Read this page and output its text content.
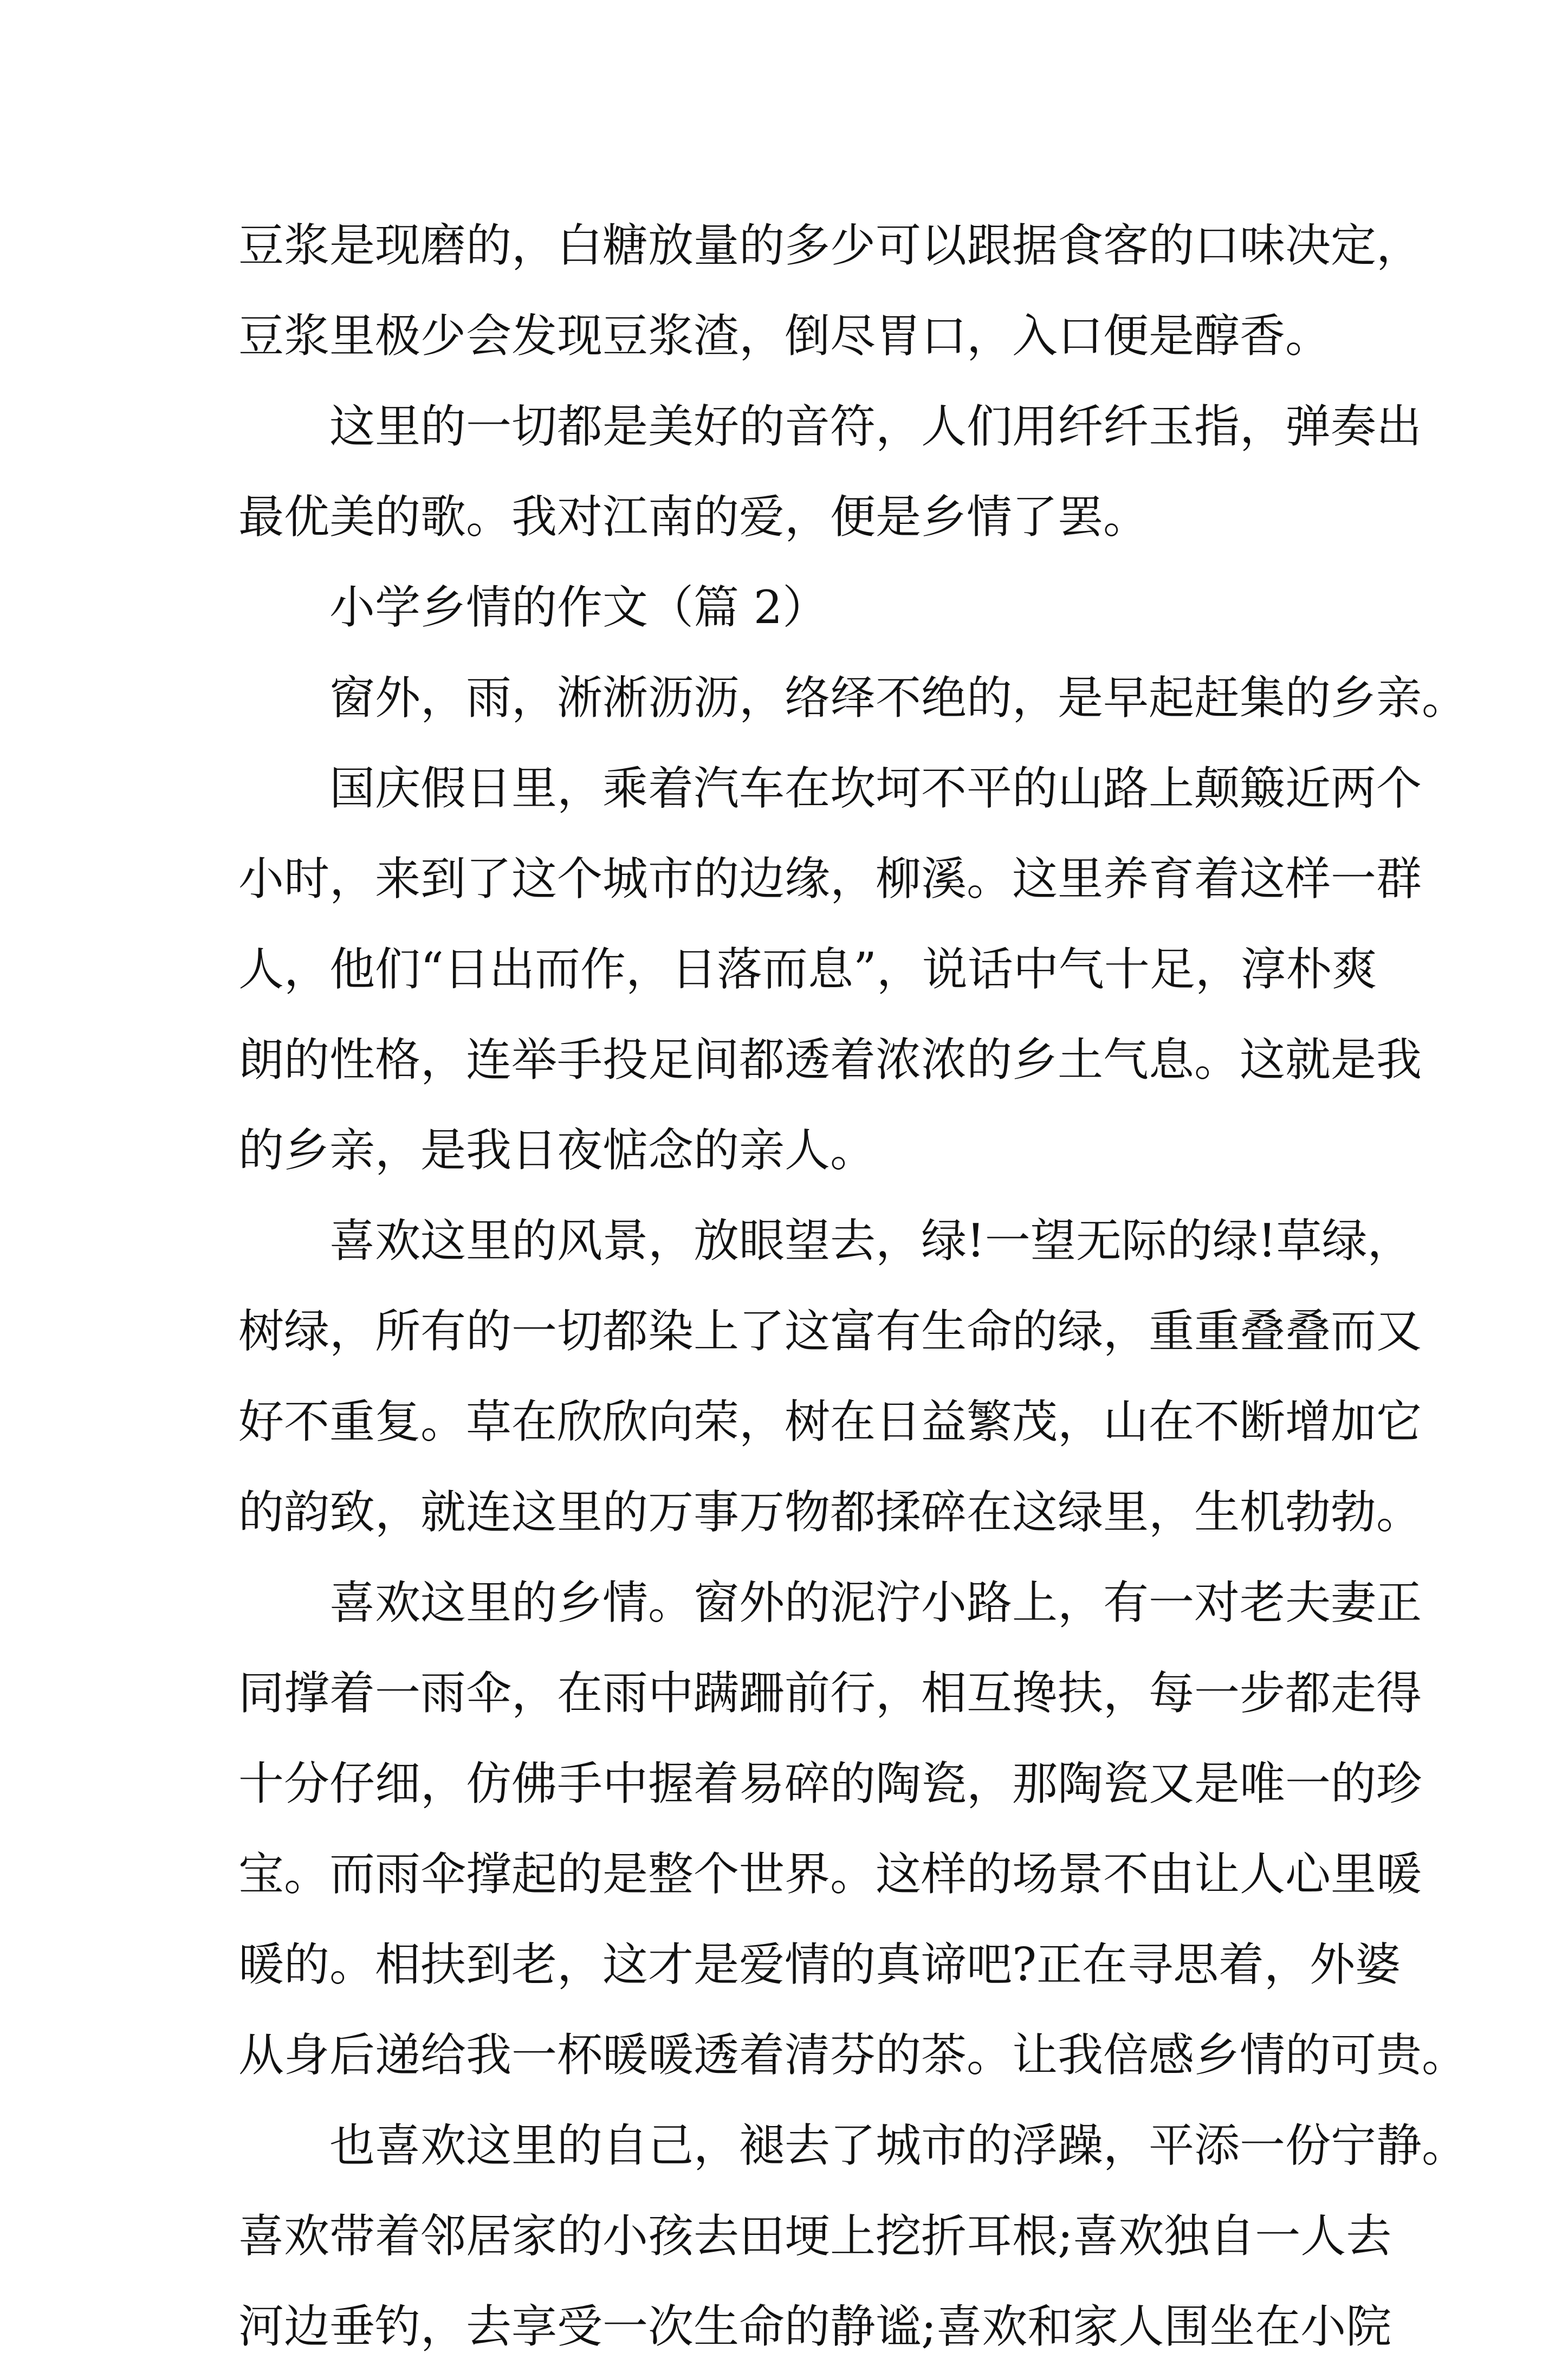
豆浆是现磨的，白糖放量的多少可以跟据食客的口味决定，
豆浆里极少会发现豆浆渣，倒尽胃口，入口便是醇香。
这里的一切都是美好的音符，人们用纤纤玉指，弹奏出
最优美的歌。我对江南的爱，便是乡情了罢。
小学乡情的作文（篇 2）
窗外，雨，淅淅沥沥，络绎不绝的，是早起赶集的乡亲。
国庆假日里，乘着汽车在坎坷不平的山路上颠簸近两个
小时，来到了这个城市的边缘，柳溪。这里养育着这样一群
人，他们“日出而作，日落而息”，说话中气十足，淳朴爽
朗的性格，连举手投足间都透着浓浓的乡土气息。这就是我
的乡亲，是我日夜惦念的亲人。
喜欢这里的风景，放眼望去，绿!一望无际的绿!草绿，
树绿，所有的一切都染上了这富有生命的绿，重重叠叠而又
好不重复。草在欣欣向荣，树在日益繁茂，山在不断增加它
的韵致，就连这里的万事万物都揉碎在这绿里，生机勃勃。
喜欢这里的乡情。窗外的泥泞小路上，有一对老夫妻正
同撑着一雨伞，在雨中蹒跚前行，相互搀扶，每一步都走得
十分仔细，仿佛手中握着易碎的陶瓷，那陶瓷又是唯一的珍
宝。而雨伞撑起的是整个世界。这样的场景不由让人心里暖
暖的。相扶到老，这才是爱情的真谛吧?正在寻思着，外婆
从身后递给我一杯暖暖透着清芬的茶。让我倍感乡情的可贵。
也喜欢这里的自己，褪去了城市的浮躁，平添一份宁静。
喜欢带着邻居家的小孩去田埂上挖折耳根;喜欢独自一人去
河边垂钓，去享受一次生命的静谧;喜欢和家人围坐在小院
